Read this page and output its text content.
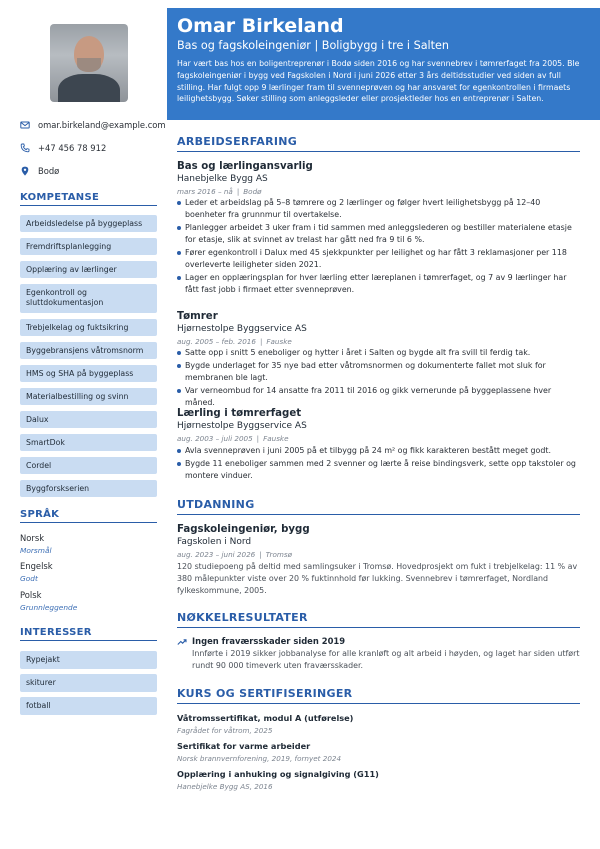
omar.birkeland@example.com
+47 456 78 912
Bodø
KOMPETANSE
Arbeidsledelse på byggeplass
Fremdriftsplanlegging
Opplæring av lærlinger
Egenkontroll og sluttdokumentasjon
Trebjelkelag og fuktsikring
Byggebransjens våtromsnorm
HMS og SHA på byggeplass
Materialbestilling og svinn
Dalux
SmartDok
Cordel
Byggforskserien
SPRÅK
Norsk
Morsmål
Engelsk
Godt
Polsk
Grunnleggende
INTERESSER
Rypejakt
skiturer
fotball
Omar Birkeland
Bas og fagskoleingeniør | Boligbygg i tre i Salten
Har vært bas hos en boligentreprenør i Bodø siden 2016 og har svennebrev i tømrerfaget fra 2005. Ble fagskoleingeniør i bygg ved Fagskolen i Nord i juni 2026 etter 3 års deltidsstudier ved siden av full stilling. Har fulgt opp 9 lærlinger fram til svenneprøven og har ansvaret for egenkontrollen i firmaets leilighetsbygg. Søker stilling som anleggsleder eller prosjektleder hos en entreprenør i Salten.
ARBEIDSERFARING
Bas og lærlingansvarlig
Hanebjelke Bygg AS
mars 2016 – nå | Bodø
Leder et arbeidslag på 5–8 tømrere og 2 lærlinger og følger hvert leilighetsbygg på 12–40 boenheter fra grunnmur til overtakelse.
Planlegger arbeidet 3 uker fram i tid sammen med anleggslederen og bestiller materialene etasje for etasje, slik at svinnet av trelast har gått ned fra 9 til 6 %.
Fører egenkontroll i Dalux med 45 sjekkpunkter per leilighet og har fått 3 reklamasjoner per 118 overleverte leiligheter siden 2021.
Lager en opplæringsplan for hver lærling etter læreplanen i tømrerfaget, og 7 av 9 lærlinger har fått fast jobb i firmaet etter svenneprøven.
Tømrer
Hjørnestolpe Byggservice AS
aug. 2005 – feb. 2016 | Fauske
Satte opp i snitt 5 eneboliger og hytter i året i Salten og bygde alt fra svill til ferdig tak.
Bygde underlaget for 35 nye bad etter våtromsnormen og dokumenterte fallet mot sluk for membranen ble lagt.
Var verneombud for 14 ansatte fra 2011 til 2016 og gikk vernerunde på byggeplassene hver måned.
Lærling i tømrerfaget
Hjørnestolpe Byggservice AS
aug. 2003 – juli 2005 | Fauske
Avla svenneprøven i juni 2005 på et tilbygg på 24 m² og fikk karakteren bestått meget godt.
Bygde 11 eneboliger sammen med 2 svenner og lærte å reise bindingsverk, sette opp takstoler og montere vinduer.
UTDANNING
Fagskoleingeniør, bygg
Fagskolen i Nord
aug. 2023 – juni 2026 | Tromsø
120 studiepoeng på deltid med samlingsuker i Tromsø. Hovedprosjekt om fukt i trebjelkelag: 11 % av 380 målepunkter viste over 20 % fuktinnhold før lukking. Svennebrev i tømrerfaget, Nordland fylkeskommune, 2005.
NØKKELRESULTATER
Ingen fraværsskader siden 2019
Innførte i 2019 sikker jobbanalyse for alle kranløft og alt arbeid i høyden, og laget har siden utført rundt 90 000 timeverk uten fraværsskader.
KURS OG SERTIFISERINGER
Våtromssertifikat, modul A (utførelse)
Fagrådet for våtrom, 2025
Sertifikat for varme arbeider
Norsk brannvernforening, 2019, fornyet 2024
Opplæring i anhuking og signalgiving (G11)
Hanebjelke Bygg AS, 2016
